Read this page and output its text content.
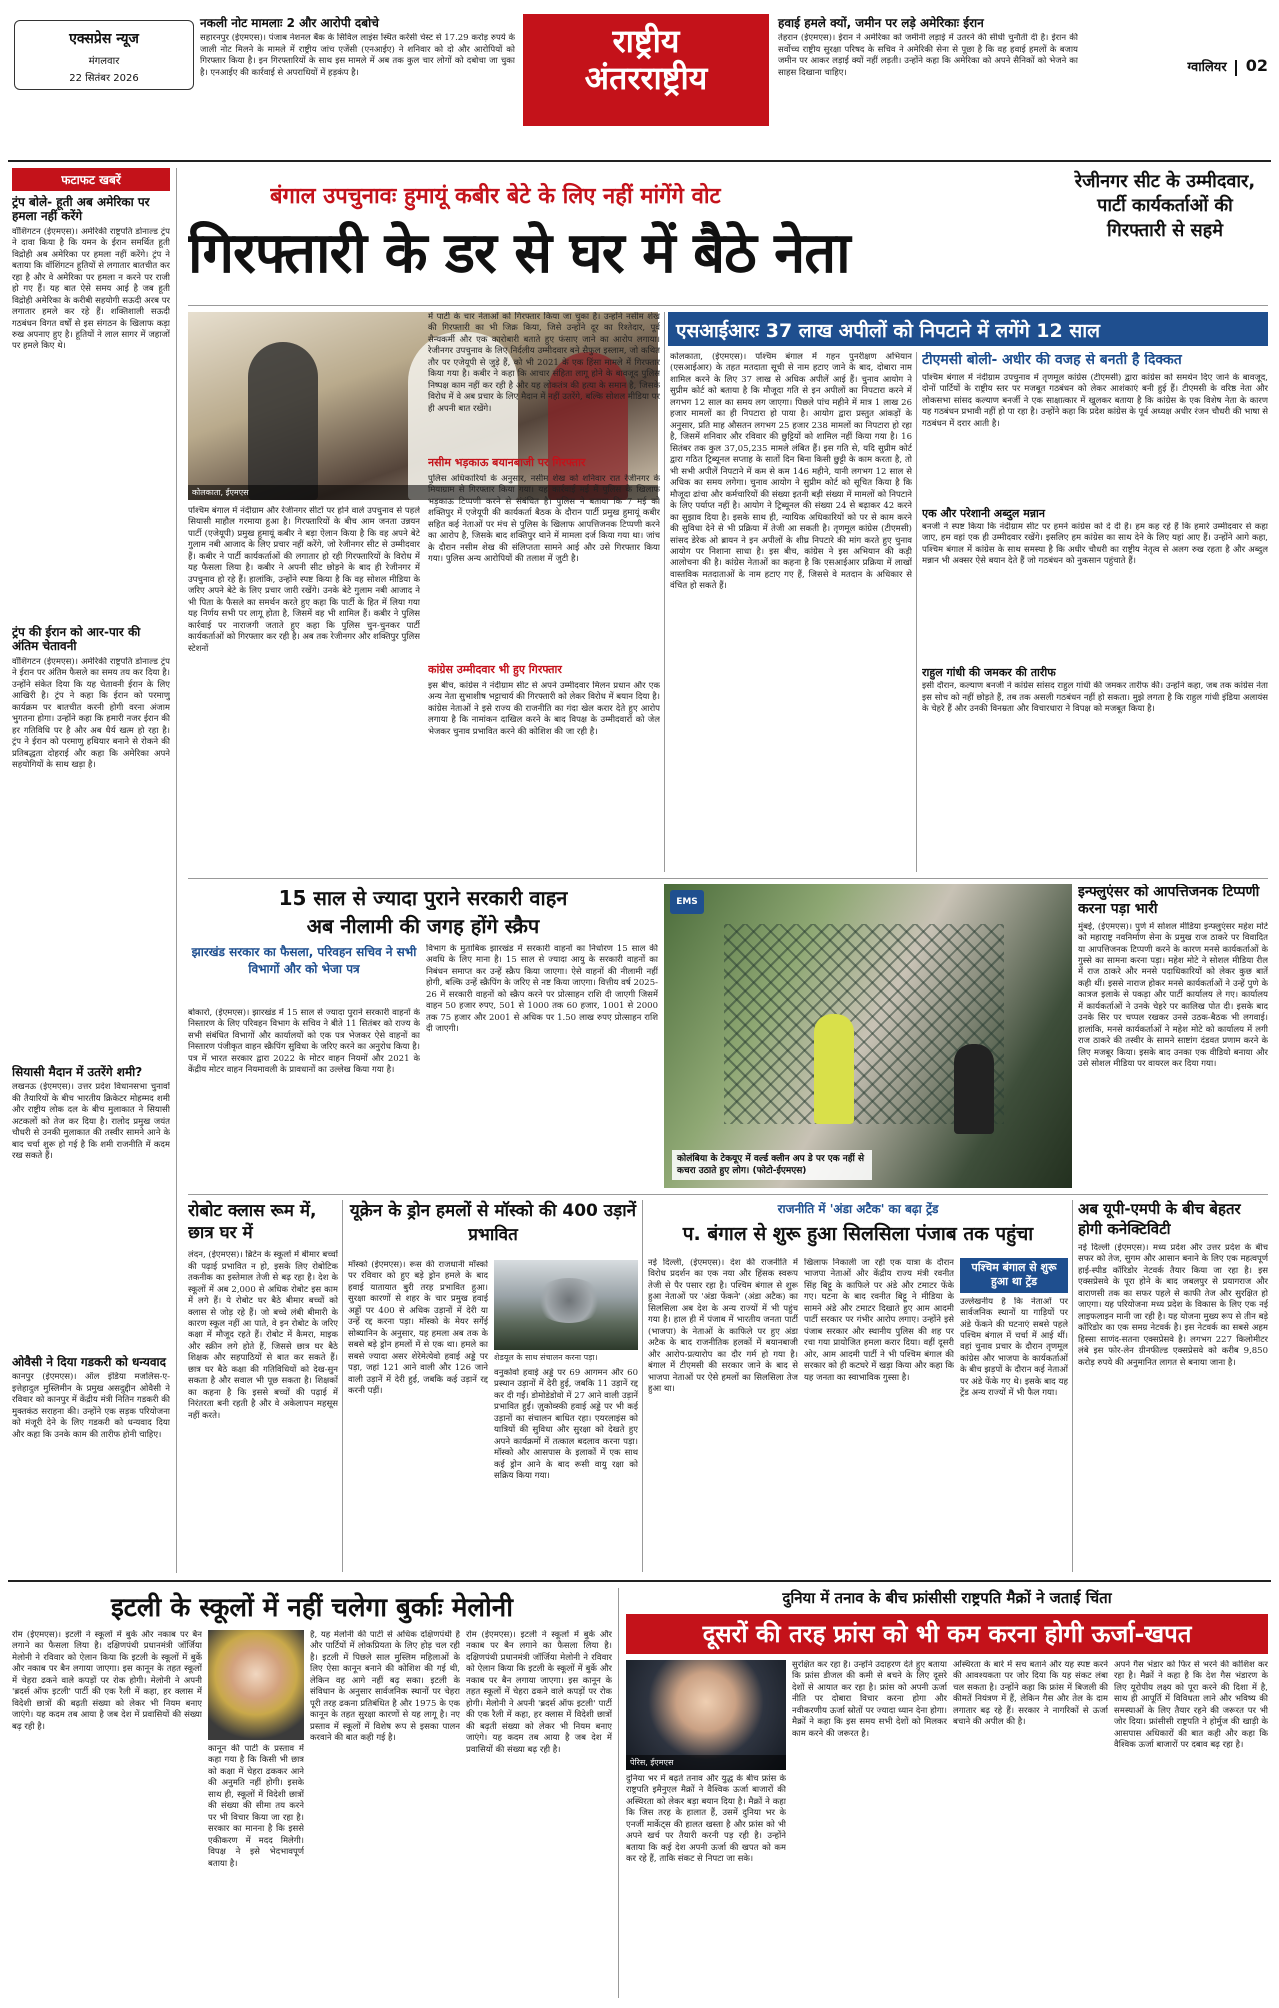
एक्सप्रेस न्यूज
मंगलवार
22 सितंबर 2026
नकली नोट मामलाः 2 और आरोपी दबोचे
सहारनपुर (ईएमएस)। पंजाब नेशनल बैंक के सिविल लाइंस स्थित करेंसी चेस्ट से 17.29 करोड़ रुपये के जाली नोट मिलने के मामले में राष्ट्रीय जांच एजेंसी (एनआईए) ने शनिवार को दो और आरोपियों को गिरफ्तार किया है। इन गिरफ्तारियों के साथ इस मामले में अब तक कुल चार लोगों को दबोचा जा चुका है। एनआईए की कार्रवाई से अपराधियों में हड़कंप है।
राष्ट्रीय
अंतरराष्ट्रीय
हवाई हमले क्यों, जमीन पर लड़े अमेरिकाः ईरान
तेहरान (ईएमएस)। ईरान ने अमेरिका को जमीनी लड़ाई में उतरने की सीधी चुनौती दी है। ईरान की सर्वोच्च राष्ट्रीय सुरक्षा परिषद के सचिव ने अमेरिकी सेना से पूछा है कि वह हवाई हमलों के बजाय जमीन पर आकर लड़ाई क्यों नहीं लड़ती। उन्होंने कहा कि अमेरिका को अपने सैनिकों को भेजने का साहस दिखाना चाहिए।	ग्वालियर 02
फटाफट खबरें
ट्रंप बोले- हूती अब अमेरिका पर हमला नहीं करेंगे
वॉशिंगटन (ईएमएस)। अमेरिकी राष्ट्रपति डोनाल्ड ट्रंप ने दावा किया है कि यमन के ईरान समर्थित हूती विद्रोही अब अमेरिका पर हमला नहीं करेंगे। ट्रंप ने बताया कि वॉशिंगटन हूतियों से लगातार बातचीत कर रहा है और वे अमेरिका पर हमला न करने पर राजी हो गए हैं। यह बात ऐसे समय आई है जब हूती विद्रोही अमेरिका के करीबी सहयोगी सऊदी अरब पर लगातार हमले कर रहे हैं। शक्तिशाली सऊदी गठबंधन विगत वर्षों से इस संगठन के खिलाफ कड़ा रुख अपनाए हुए है। हूतियों ने लाल सागर में जहाजों पर हमले किए थे।
ट्रंप की ईरान को आर-पार की अंतिम चेतावनी
वॉशिंगटन (ईएमएस)। अमेरिकी राष्ट्रपति डोनाल्ड ट्रंप ने ईरान पर अंतिम फैसले का समय तय कर दिया है। उन्होंने संकेत दिया कि यह चेतावनी ईरान के लिए आखिरी है। ट्रंप ने कहा कि ईरान को परमाणु कार्यक्रम पर बातचीत करनी होगी वरना अंजाम भुगतना होगा। उन्होंने कहा कि हमारी नजर ईरान की हर गतिविधि पर है और अब धैर्य खत्म हो रहा है। ट्रंप ने ईरान को परमाणु हथियार बनाने से रोकने की प्रतिबद्धता दोहराई और कहा कि अमेरिका अपने सहयोगियों के साथ खड़ा है।
सियासी मैदान में उतरेंगे शमी?
लखनऊ (ईएमएस)। उत्तर प्रदेश विधानसभा चुनावों की तैयारियों के बीच भारतीय क्रिकेटर मोहम्मद शमी और राष्ट्रीय लोक दल के बीच मुलाकात ने सियासी अटकलों को तेज कर दिया है। रालोद प्रमुख जयंत चौधरी से उनकी मुलाकात की तस्वीर सामने आने के बाद चर्चा शुरू हो गई है कि शमी राजनीति में कदम रख सकते हैं।
ओवैसी ने दिया गडकरी को धन्यवाद
कानपुर (ईएमएस)। ऑल इंडिया मजलिस-ए-इत्तेहादुल मुस्लिमीन के प्रमुख असदुद्दीन ओवैसी ने रविवार को कानपुर में केंद्रीय मंत्री नितिन गडकरी की मुक्तकंठ सराहना की। उन्होंने एक सड़क परियोजना को मंजूरी देने के लिए गडकरी को धन्यवाद दिया और कहा कि उनके काम की तारीफ होनी चाहिए।
बंगाल उपचुनावः हुमायूं कबीर बेटे के लिए नहीं मांगेंगे वोट
गिरफ्तारी के डर से घर में बैठे नेता
रेजीनगर सीट के उम्मीदवार, पार्टी कार्यकर्ताओं की गिरफ्तारी से सहमे
कोलकाता, ईएमएस
पश्चिम बंगाल में नंदीग्राम और रेजीनगर सीटों पर होने वाले उपचुनाव से पहले सियासी माहौल गरमाया हुआ है। गिरफ्तारियों के बीच आम जनता उन्नयन पार्टी (एजेयूपी) प्रमुख हुमायूं कबीर ने बड़ा ऐलान किया है कि वह अपने बेटे गुलाम नबी आजाद के लिए प्रचार नहीं करेंगे, जो रेजीनगर सीट से उम्मीदवार हैं। कबीर ने पार्टी कार्यकर्ताओं की लगातार हो रही गिरफ्तारियों के विरोध में यह फैसला लिया है। कबीर ने अपनी सीट छोड़ने के बाद ही रेजीनगर में उपचुनाव हो रहे हैं। हालांकि, उन्होंने स्पष्ट किया है कि वह सोशल मीडिया के जरिए अपने बेटे के लिए प्रचार जारी रखेंगे। उनके बेटे गुलाम नबी आजाद ने भी पिता के फैसले का समर्थन करते हुए कहा कि पार्टी के हित में लिया गया यह निर्णय सभी पर लागू होता है, जिसमें वह भी शामिल हैं। कबीर ने पुलिस कार्रवाई पर नाराजगी जताते हुए कहा कि पुलिस चुन-चुनकर पार्टी कार्यकर्ताओं को गिरफ्तार कर रही है। अब तक रेजीनगर और शक्तिपुर पुलिस स्टेशनों
में पार्टी के चार नेताओं को गिरफ्तार किया जा चुका है। उन्होंने नसीम शेख की गिरफ्तारी का भी जिक्र किया, जिसे उन्होंने दूर का रिश्तेदार, पूर्व सैन्यकर्मी और एक कारोबारी बताते हुए फंसाए जाने का आरोप लगाया। रेजीनगर उपचुनाव के लिए निर्दलीय उम्मीदवार बने सैफुल इस्लाम, जो कथित तौर पर एजेयूपी से जुड़े हैं, को भी 2021 के एक हिंसा मामले में गिरफ्तार किया गया है। कबीर ने कहा कि आचार संहिता लागू होने के बावजूद पुलिस निष्पक्ष काम नहीं कर रही है और यह लोकतंत्र की हत्या के समान है, जिसके विरोध में वे अब प्रचार के लिए मैदान में नहीं उतरेंगे, बल्कि सोशल मीडिया पर ही अपनी बात रखेंगे।
नसीम भड़काऊ बयानबाजी पर गिरफ्तार
पुलिस अधिकारियों के अनुसार, नसीम शेख को शनिवार रात रेजीनगर के मियाग्राम से गिरफ्तार किया गया। यह कार्रवाई मई में पुलिस के खिलाफ भड़काऊ टिप्पणी करने से संबंधित है। पुलिस ने बताया कि 7 मई को शक्तिपुर में एजेयूपी की कार्यकर्ता बैठक के दौरान पार्टी प्रमुख हुमायूं कबीर सहित कई नेताओं पर मंच से पुलिस के खिलाफ आपत्तिजनक टिप्पणी करने का आरोप है, जिसके बाद शक्तिपुर थाने में मामला दर्ज किया गया था। जांच के दौरान नसीम शेख की संलिप्तता सामने आई और उसे गिरफ्तार किया गया। पुलिस अन्य आरोपियों की तलाश में जुटी है।
कांग्रेस उम्मीदवार भी हुए गिरफ्तार
इस बीच, कांग्रेस ने नंदीग्राम सीट से अपने उम्मीदवार मिलन प्रधान और एक अन्य नेता सुभाशीष भट्टाचार्य की गिरफ्तारी को लेकर विरोध में बयान दिया है। कांग्रेस नेताओं ने इसे राज्य की राजनीति का गंदा खेल करार देते हुए आरोप लगाया है कि नामांकन दाखिल करने के बाद विपक्ष के उम्मीदवारों को जेल भेजकर चुनाव प्रभावित करने की कोशिश की जा रही है।
एसआईआरः 37 लाख अपीलों को निपटाने में लगेंगे 12 साल
कोलकाता, (ईएमएस)। पश्चिम बंगाल में गहन पुनरीक्षण अभियान (एसआईआर) के तहत मतदाता सूची से नाम हटाए जाने के बाद, दोबारा नाम शामिल करने के लिए 37 लाख से अधिक अपीलें आई हैं। चुनाव आयोग ने सुप्रीम कोर्ट को बताया है कि मौजूदा गति से इन अपीलों का निपटारा करने में लगभग 12 साल का समय लग जाएगा। पिछले पांच महीने में मात्र 1 लाख 26 हजार मामलों का ही निपटारा हो पाया है। आयोग द्वारा प्रस्तुत आंकड़ों के अनुसार, प्रति माह औसतन लगभग 25 हजार 238 मामलों का निपटारा हो रहा है, जिसमें शनिवार और रविवार की छुट्टियों को शामिल नहीं किया गया है। 16 सितंबर तक कुल 37,05,235 मामले लंबित हैं। इस गति से, यदि सुप्रीम कोर्ट द्वारा गठित ट्रिब्यूनल सप्ताह के सातों दिन बिना किसी छुट्टी के काम करता है, तो भी सभी अपीलें निपटाने में कम से कम 146 महीने, यानी लगभग 12 साल से अधिक का समय लगेगा। चुनाव आयोग ने सुप्रीम कोर्ट को सूचित किया है कि मौजूदा ढांचा और कर्मचारियों की संख्या इतनी बड़ी संख्या में मामलों को निपटाने के लिए पर्याप्त नहीं है। आयोग ने ट्रिब्यूनल की संख्या 24 से बढ़ाकर 42 करने का सुझाव दिया है। इसके साथ ही, न्यायिक अधिकारियों को पर से काम करने की सुविधा देने से भी प्रक्रिया में तेजी आ सकती है। तृणमूल कांग्रेस (टीएमसी) सांसद डेरेक ओ ब्रायन ने इन अपीलों के शीघ्र निपटारे की मांग करते हुए चुनाव आयोग पर निशाना साधा है। इस बीच, कांग्रेस ने इस अभियान की कड़ी आलोचना की है। कांग्रेस नेताओं का कहना है कि एसआईआर प्रक्रिया में लाखों वास्तविक मतदाताओं के नाम हटाए गए हैं, जिससे वे मतदान के अधिकार से वंचित हो सकते हैं।
टीएमसी बोली- अधीर की वजह से बनती है दिक्कत
पश्चिम बंगाल में नंदीग्राम उपचुनाव में तृणमूल कांग्रेस (टीएमसी) द्वारा कांग्रेस को समर्थन दिए जाने के बावजूद, दोनों पार्टियों के राष्ट्रीय स्तर पर मजबूत गठबंधन को लेकर आशंकाएं बनी हुई हैं। टीएमसी के वरिष्ठ नेता और लोकसभा सांसद कल्याण बनर्जी ने एक साक्षात्कार में खुलकर बताया है कि कांग्रेस के एक विशेष नेता के कारण यह गठबंधन प्रभावी नहीं हो पा रहा है। उन्होंने कहा कि प्रदेश कांग्रेस के पूर्व अध्यक्ष अधीर रंजन चौधरी की भाषा से गठबंधन में दरार आती है।
एक और परेशानी अब्दुल मन्नान
बनर्जी ने स्पष्ट किया कि नंदीग्राम सीट पर हमने कांग्रेस को दे दी है। हम कह रहे हैं कि हमारे उम्मीदवार से कहा जाए, हम वहां एक ही उम्मीदवार रखेंगे। इसलिए हम कांग्रेस का साथ देने के लिए यहां आए हैं। उन्होंने आगे कहा, पश्चिम बंगाल में कांग्रेस के साथ समस्या है कि अधीर चौधरी का राष्ट्रीय नेतृत्व से अलग रुख रहता है और अब्दुल मन्नान भी अक्सर ऐसे बयान देते हैं जो गठबंधन को नुकसान पहुंचाते हैं।
राहुल गांधी की जमकर की तारीफ
इसी दौरान, कल्याण बनर्जी ने कांग्रेस सांसद राहुल गांधी की जमकर तारीफ की। उन्होंने कहा, जब तक कांग्रेस नेता इस सोच को नहीं छोड़ते हैं, तब तक असली गठबंधन नहीं हो सकता। मुझे लगता है कि राहुल गांधी इंडिया अलायंस के चेहरे हैं और उनकी विनम्रता और विचारधारा ने विपक्ष को मजबूत किया है।
15 साल से ज्यादा पुराने सरकारी वाहन
अब नीलामी की जगह होंगे स्क्रैप
झारखंड सरकार का फैसला, परिवहन सचिव ने सभी विभागों और को भेजा पत्र
बोकारो, (ईएमएस)। झारखंड में 15 साल से ज्यादा पुराने सरकारी वाहनों के निस्तारण के लिए परिवहन विभाग के सचिव ने बीते 11 सितंबर को राज्य के सभी संबंधित विभागों और कार्यालयों को एक पत्र भेजकर ऐसे वाहनों का निस्तारण पंजीकृत वाहन स्क्रैपिंग सुविधा के जरिए करने का अनुरोध किया है। पत्र में भारत सरकार द्वारा 2022 के मोटर वाहन नियमों और 2021 के केंद्रीय मोटर वाहन नियमावली के प्रावधानों का उल्लेख किया गया है।
विभाग के मुताबिक झारखंड में सरकारी वाहनों का निर्धारण 15 साल की अवधि के लिए माना है। 15 साल से ज्यादा आयु के सरकारी वाहनों का निबंधन समाप्त कर उन्हें स्क्रैप किया जाएगा। ऐसे वाहनों की नीलामी नहीं होगी, बल्कि उन्हें स्क्रैपिंग के जरिए से नष्ट किया जाएगा। वित्तीय वर्ष 2025-26 में सरकारी वाहनों को स्क्रैप करने पर प्रोत्साहन राशि दी जाएगी जिसमें वाहन 50 हजार रुपए, 501 से 1000 तक 60 हजार, 1001 से 2000 तक 75 हजार और 2001 से अधिक पर 1.50 लाख रुपए प्रोत्साहन राशि दी जाएगी।
EMS
कोलंबिया के टेकयूए में वर्ल्ड क्लीन अप डे पर एक नहीं से कचरा उठाते हुए लोग। (फोटो-ईएमएस)
इन्फ्लुएंसर को आपत्तिजनक टिप्पणी करना पड़ा भारी
मुंबई, (ईएमएस)। पुणे में सोशल मीडिया इन्फ्लुएंसर महेश मोटे को महाराष्ट्र नवनिर्माण सेना के प्रमुख राज ठाकरे पर विवादित या आपत्तिजनक टिप्पणी करने के कारण मनसे कार्यकर्ताओं के गुस्से का सामना करना पड़ा। महेश मोटे ने सोशल मीडिया रील में राज ठाकरे और मनसे पदाधिकारियों को लेकर कुछ बातें कही थीं। इससे नाराज होकर मनसे कार्यकर्ताओं ने उन्हें पुणे के कात्रज इलाके से पकड़ा और पार्टी कार्यालय ले गए। कार्यालय में कार्यकर्ताओं ने उनके चेहरे पर कालिख पोत दी। इसके बाद उनके सिर पर चप्पल रखकर उनसे उठक-बैठक भी लगवाई। हालांकि, मनसे कार्यकर्ताओं ने महेश मोटे को कार्यालय में लगी राज ठाकरे की तस्वीर के सामने साष्टांग दंडवत प्रणाम करने के लिए मजबूर किया। इसके बाद उनका एक वीडियो बनाया और उसे सोशल मीडिया पर वायरल कर दिया गया।
रोबोट क्लास रूम में, छात्र घर में
लंदन, (ईएमएस)। ब्रिटेन के स्कूलों में बीमार बच्चों की पढ़ाई प्रभावित न हो, इसके लिए रोबोटिक तकनीक का इस्तेमाल तेजी से बढ़ रहा है। देश के स्कूलों में अब 2,000 से अधिक रोबोट इस काम में लगे हैं। ये रोबोट घर बैठे बीमार बच्चों को क्लास से जोड़ रहे हैं। जो बच्चे लंबी बीमारी के कारण स्कूल नहीं आ पाते, वे इन रोबोट के जरिए कक्षा में मौजूद रहते हैं। रोबोट में कैमरा, माइक और स्क्रीन लगे होते हैं, जिससे छात्र घर बैठे शिक्षक और सहपाठियों से बात कर सकते हैं। छात्र घर बैठे कक्षा की गतिविधियों को देख-सुन सकता है और सवाल भी पूछ सकता है। शिक्षकों का कहना है कि इससे बच्चों की पढ़ाई में निरंतरता बनी रहती है और वे अकेलापन महसूस नहीं करते।
यूक्रेन के ड्रोन हमलों से मॉस्को की 400 उड़ानें प्रभावित
मॉस्को (ईएमएस)। रूस की राजधानी मॉस्को पर रविवार को हुए बड़े ड्रोन हमले के बाद हवाई यातायात बुरी तरह प्रभावित हुआ। सुरक्षा कारणों से शहर के चार प्रमुख हवाई अड्डों पर 400 से अधिक उड़ानों में देरी या उन्हें रद्द करना पड़ा। मॉस्को के मेयर सर्गेई सोब्यानिन के अनुसार, यह हमला अब तक के सबसे बड़े ड्रोन हमलों में से एक था। हमले का सबसे ज्यादा असर शेरेमेत्येवो हवाई अड्डे पर पड़ा, जहां 121 आने वाली और 126 जाने वाली उड़ानें में देरी हुई, जबकि कई उड़ानें रद्द करनी पड़ीं।
शेडयूल के साथ संचालन करना पड़ा।
वनुकोवो हवाई अड्डे पर 69 आगमन और 60 प्रस्थान उड़ानों में देरी हुई, जबकि 11 उड़ानें रद्द कर दी गईं। डोमोडेडोवो में 27 आने वाली उड़ानें प्रभावित हुईं। ज़ुकोव्स्की हवाई अड्डे पर भी कई उड़ानों का संचालन बाधित रहा। एयरलाइंस को यात्रियों की सुविधा और सुरक्षा को देखते हुए अपने कार्यक्रमों में तत्काल बदलाव करना पड़ा। मॉस्को और आसपास के इलाकों में एक साथ कई ड्रोन आने के बाद रूसी वायु रक्षा को सक्रिय किया गया।
राजनीति में 'अंडा अटैक' का बढ़ा ट्रेंड
प. बंगाल से शुरू हुआ सिलसिला पंजाब तक पहुंचा
नई दिल्ली, (ईएमएस)। देश की राजनीति में विरोध प्रदर्शन का एक नया और हिंसक स्वरूप तेजी से पैर पसार रहा है। पश्चिम बंगाल से शुरू हुआ नेताओं पर 'अंडा फेंकने' (अंडा अटैक) का सिलसिला अब देश के अन्य राज्यों में भी पहुंच गया है। हाल ही में पंजाब में भारतीय जनता पार्टी (भाजपा) के नेताओं के काफिले पर हुए अंडा अटैक के बाद राजनीतिक हलकों में बयानबाजी और आरोप-प्रत्यारोप का दौर गर्म हो गया है। बंगाल में टीएमसी की सरकार जाने के बाद से भाजपा नेताओं पर ऐसे हमलों का सिलसिला तेज हुआ था।
खिलाफ निकाली जा रही एक यात्रा के दौरान भाजपा नेताओं और केंद्रीय राज्य मंत्री रवनीत सिंह बिट्टू के काफिले पर अंडे और टमाटर फेंके गए। घटना के बाद रवनीत बिट्टू ने मीडिया के सामने अंडे और टमाटर दिखाते हुए आम आदमी पार्टी सरकार पर गंभीर आरोप लगाए। उन्होंने इसे पंजाब सरकार और स्थानीय पुलिस की शह पर रचा गया प्रायोजित हमला करार दिया। वहीं दूसरी ओर, आम आदमी पार्टी ने भी पश्चिम बंगाल की सरकार को ही कटघरे में खड़ा किया और कहा कि यह जनता का स्वाभाविक गुस्सा है।
पश्चिम बंगाल से शुरू हुआ था ट्रेंड
उल्लेखनीय है कि नेताओं पर सार्वजनिक स्थानों या गाड़ियों पर अंडे फेंकने की घटनाएं सबसे पहले पश्चिम बंगाल में चर्चा में आई थीं। वहां चुनाव प्रचार के दौरान तृणमूल कांग्रेस और भाजपा के कार्यकर्ताओं के बीच झड़पों के दौरान कई नेताओं पर अंडे फेंके गए थे। इसके बाद यह ट्रेंड अन्य राज्यों में भी फैल गया।
अब यूपी-एमपी के बीच बेहतर होगी कनेक्टिविटी
नई दिल्ली (ईएमएस)। मध्य प्रदेश और उत्तर प्रदेश के बीच सफर को तेज, सुगम और आसान बनाने के लिए एक महत्वपूर्ण हाई-स्पीड कॉरिडोर नेटवर्क तैयार किया जा रहा है। इस एक्सप्रेसवे के पूरा होने के बाद जबलपुर से प्रयागराज और वाराणसी तक का सफर पहले से काफी तेज और सुरक्षित हो जाएगा। यह परियोजना मध्य प्रदेश के विकास के लिए एक नई लाइफलाइन मानी जा रही है। यह योजना मुख्य रूप से तीन बड़े कॉरिडोर का एक समग्र नेटवर्क है। इस नेटवर्क का सबसे अहम हिस्सा साणंद-सतना एक्सप्रेसवे है। लगभग 227 किलोमीटर लंबे इस फोर-लेन ग्रीनफील्ड एक्सप्रेसवे को करीब 9,850 करोड़ रुपये की अनुमानित लागत से बनाया जाना है।
इटली के स्कूलों में नहीं चलेगा बुर्काः मेलोनी
रोम (ईएमएस)। इटली ने स्कूलों में बुर्के और नकाब पर बैन लगाने का फैसला लिया है। दक्षिणपंथी प्रधानमंत्री जॉर्जिया मेलोनी ने रविवार को ऐलान किया कि इटली के स्कूलों में बुर्के और नकाब पर बैन लगाया जाएगा। इस कानून के तहत स्कूलों में चेहरा ढकने वाले कपड़ों पर रोक होगी। मेलोनी ने अपनी 'ब्रदर्स ऑफ इटली' पार्टी की एक रैली में कहा, हर क्लास में विदेशी छात्रों की बढ़ती संख्या को लेकर भी नियम बनाए जाएंगे। यह कदम तब आया है जब देश में प्रवासियों की संख्या बढ़ रही है।
कानून की पार्टी के प्रस्ताव में कहा गया है कि किसी भी छात्र को कक्षा में चेहरा ढककर आने की अनुमति नहीं होगी। इसके साथ ही, स्कूलों में विदेशी छात्रों की संख्या की सीमा तय करने पर भी विचार किया जा रहा है। सरकार का मानना है कि इससे एकीकरण में मदद मिलेगी। विपक्ष ने इसे भेदभावपूर्ण बताया है।
है, यह मेलोनी की पार्टी से अधिक दक्षिणपंथी है और पार्टियों में लोकप्रियता के लिए होड़ चल रही है। इटली में पिछले साल मुस्लिम महिलाओं के लिए ऐसा कानून बनाने की कोशिश की गई थी, लेकिन वह आगे नहीं बढ़ सका। इटली के संविधान के अनुसार सार्वजनिक स्थानों पर चेहरा पूरी तरह ढकना प्रतिबंधित है और 1975 के एक कानून के तहत सुरक्षा कारणों से यह लागू है। नए प्रस्ताव में स्कूलों में विशेष रूप से इसका पालन करवाने की बात कही गई है।
रोम (ईएमएस)। इटली ने स्कूलों में बुर्के और नकाब पर बैन लगाने का फैसला लिया है। दक्षिणपंथी प्रधानमंत्री जॉर्जिया मेलोनी ने रविवार को ऐलान किया कि इटली के स्कूलों में बुर्के और नकाब पर बैन लगाया जाएगा। इस कानून के तहत स्कूलों में चेहरा ढकने वाले कपड़ों पर रोक होगी। मेलोनी ने अपनी 'ब्रदर्स ऑफ इटली' पार्टी की एक रैली में कहा, हर क्लास में विदेशी छात्रों की बढ़ती संख्या को लेकर भी नियम बनाए जाएंगे। यह कदम तब आया है जब देश में प्रवासियों की संख्या बढ़ रही है।
दुनिया में तनाव के बीच फ्रांसीसी राष्ट्रपति मैक्रों ने जताई चिंता
दूसरों की तरह फ्रांस को भी कम करना होगी ऊर्जा-खपत
पेरिस, ईएमएस
दुनिया भर में बढ़ते तनाव और युद्ध के बीच फ्रांस के राष्ट्रपति इमैनुएल मैक्रों ने वैश्विक ऊर्जा बाजारों की अस्थिरता को लेकर बड़ा बयान दिया है। मैक्रों ने कहा कि जिस तरह के हालात हैं, उसमें दुनिया भर के एनर्जी मार्केट्स की हालत खस्ता है और फ्रांस को भी अपने खर्च पर तैयारी करनी पड़ रही है। उन्होंने बताया कि कई देश अपनी ऊर्जा की खपत को कम कर रहे हैं, ताकि संकट से निपटा जा सके।
सुरक्षित कर रहा है। उन्होंने उदाहरण देते हुए बताया कि फ्रांस डीजल की कमी से बचने के लिए दूसरे देशों से आयात कर रहा है। फ्रांस को अपनी ऊर्जा नीति पर दोबारा विचार करना होगा और नवीकरणीय ऊर्जा स्रोतों पर ज्यादा ध्यान देना होगा। मैक्रों ने कहा कि इस समय सभी देशों को मिलकर काम करने की जरूरत है।
अस्थिरता के बारे में सच बताने और यह स्पष्ट करने की आवश्यकता पर जोर दिया कि यह संकट लंबा चल सकता है। उन्होंने कहा कि फ्रांस में बिजली की कीमतें नियंत्रण में हैं, लेकिन गैस और तेल के दाम लगातार बढ़ रहे हैं। सरकार ने नागरिकों से ऊर्जा बचाने की अपील की है।
अपने गैस भंडार को फिर से भरने की कोशिश कर रहा है। मैक्रों ने कहा है कि देश गैस भंडारण के लिए यूरोपीय लक्ष्य को पूरा करने की दिशा में है, साथ ही आपूर्ति में विविधता लाने और भविष्य की समस्याओं के लिए तैयार रहने की जरूरत पर भी जोर दिया। फ्रांसीसी राष्ट्रपति ने होर्मुज की खाड़ी के आसपास अधिकारों की बात कही और कहा कि वैश्विक ऊर्जा बाजारों पर दबाव बढ़ रहा है।
